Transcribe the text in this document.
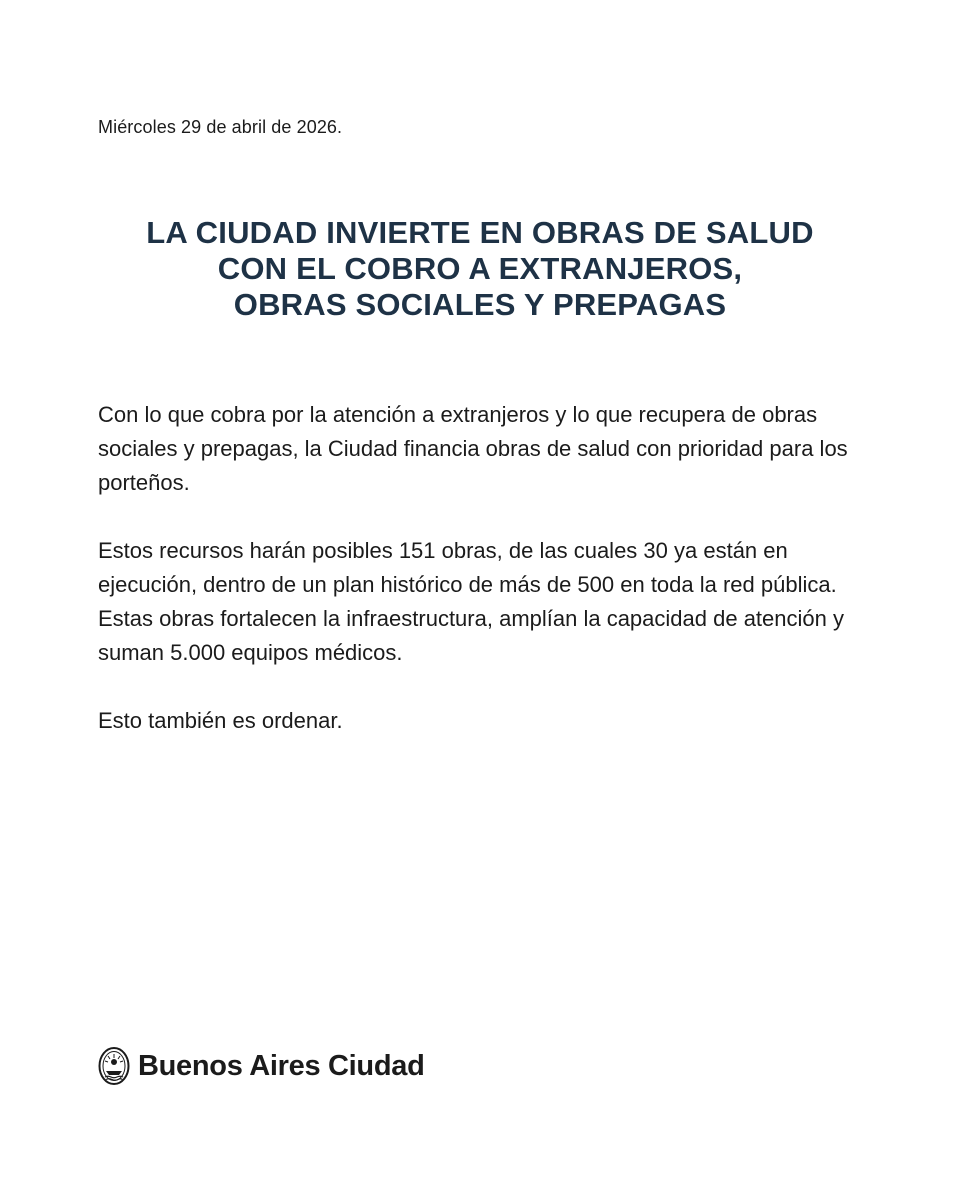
Miércoles 29 de abril de 2026.
LA CIUDAD INVIERTE EN OBRAS DE SALUD
CON EL COBRO A EXTRANJEROS,
OBRAS SOCIALES Y PREPAGAS

Con lo que cobra por la atención a extranjeros y lo que recupera de obras sociales y prepagas, la Ciudad financia obras de salud con prioridad para los porteños.

Estos recursos harán posibles 151 obras, de las cuales 30 ya están en ejecución, dentro de un plan histórico de más de 500 en toda la red pública. Estas obras fortalecen la infraestructura, amplían la capacidad de atención y suman 5.000 equipos médicos.

Esto también es ordenar.

Buenos Aires Ciudad
